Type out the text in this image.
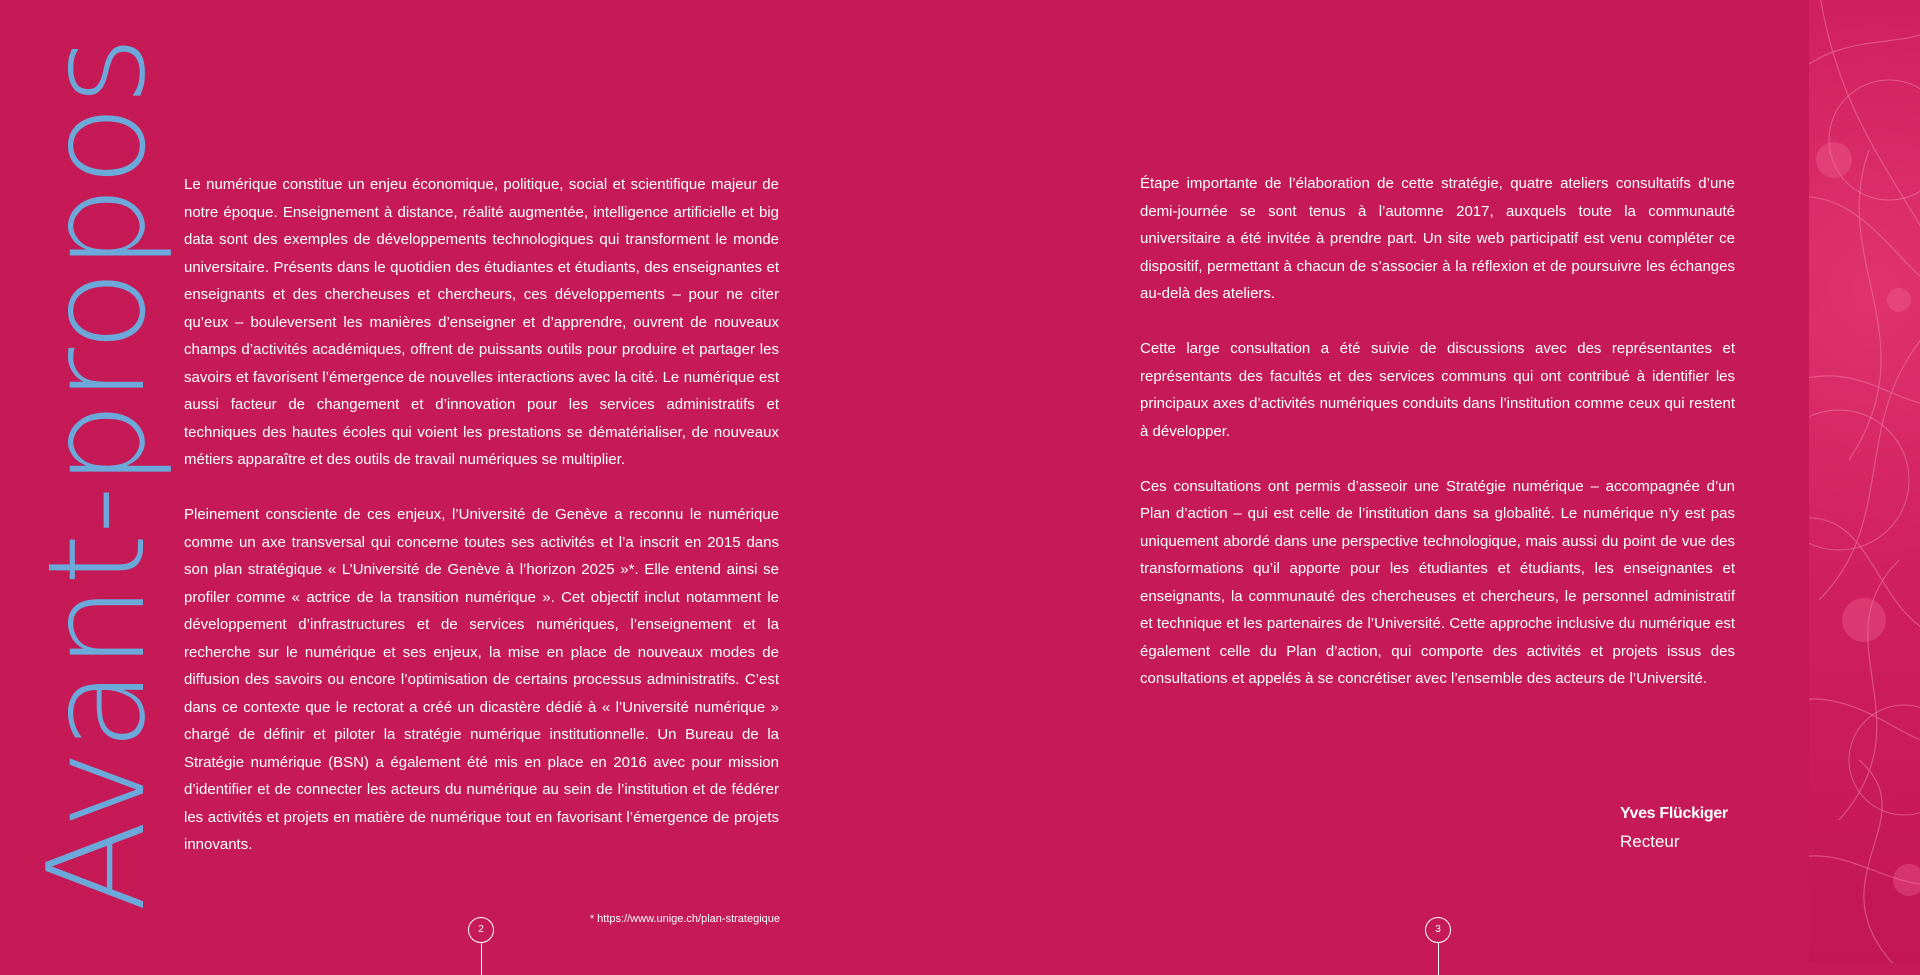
Avant-propos Le numérique constitue un enjeu économique, politique, social et scientifique majeur de notre époque. Enseignement à distance, réalité augmentée, intelligence artificielle et big data sont des exemples de développements technologiques qui transforment le monde universitaire. Présents dans le quotidien des étudiantes et étudiants, des enseignantes et enseignants et des chercheuses et chercheurs, ces développements – pour ne citer qu’eux – bouleversent les manières d’enseigner et d’apprendre, ouvrent de nouveaux champs d’activités académiques, offrent de puissants outils pour produire et partager les savoirs et favorisent l’émergence de nouvelles interactions avec la cité. Le numérique est aussi facteur de changement et d’innovation pour les services administratifs et techniques des hautes écoles qui voient les prestations se dématérialiser, de nouveaux métiers apparaître et des outils de travail numériques se multiplier.

Pleinement consciente de ces enjeux, l’Université de Genève a reconnu le numérique comme un axe transversal qui concerne toutes ses activités et l’a inscrit en 2015 dans son plan stratégique « L’Université de Genève à l’horizon 2025 »*. Elle entend ainsi se profiler comme « actrice de la transition numérique ». Cet objectif inclut notamment le développement d’infrastructures et de services numériques, l’enseignement et la recherche sur le numérique et ses enjeux, la mise en place de nouveaux modes de diffusion des savoirs ou encore l’optimisation de certains processus administratifs. C’est dans ce contexte que le rectorat a créé un dicastère dédié à « l’Université numérique » chargé de définir et piloter la stratégie numérique institutionnelle. Un Bureau de la Stratégie numérique (BSN) a également été mis en place en 2016 avec pour mission d’identifier et de connecter les acteurs du numérique au sein de l’institution et de fédérer les activités et projets en matière de numérique tout en favorisant l’émergence de projets innovants.

* https://www.unige.ch/plan-strategique
2

Étape importante de l’élaboration de cette stratégie, quatre ateliers consultatifs d’une demi-journée se sont tenus à l’automne 2017, auxquels toute la communauté universitaire a été invitée à prendre part. Un site web participatif est venu compléter ce dispositif, permettant à chacun de s’associer à la réflexion et de poursuivre les échanges au-delà des ateliers.

Cette large consultation a été suivie de discussions avec des représentantes et représentants des facultés et des services communs qui ont contribué à identifier les principaux axes d’activités numériques conduits dans l’institution comme ceux qui restent à développer.

Ces consultations ont permis d’asseoir une Stratégie numérique – accompagnée d’un Plan d’action – qui est celle de l’institution dans sa globalité. Le numérique n’y est pas uniquement abordé dans une perspective technologique, mais aussi du point de vue des transformations qu’il apporte pour les étudiantes et étudiants, les enseignantes et enseignants, la communauté des chercheuses et chercheurs, le personnel administratif et technique et les partenaires de l’Université. Cette approche inclusive du numérique est également celle du Plan d’action, qui comporte des activités et projets issus des consultations et appelés à se concrétiser avec l’ensemble des acteurs de l’Université.

Yves Flückiger
Recteur
3
